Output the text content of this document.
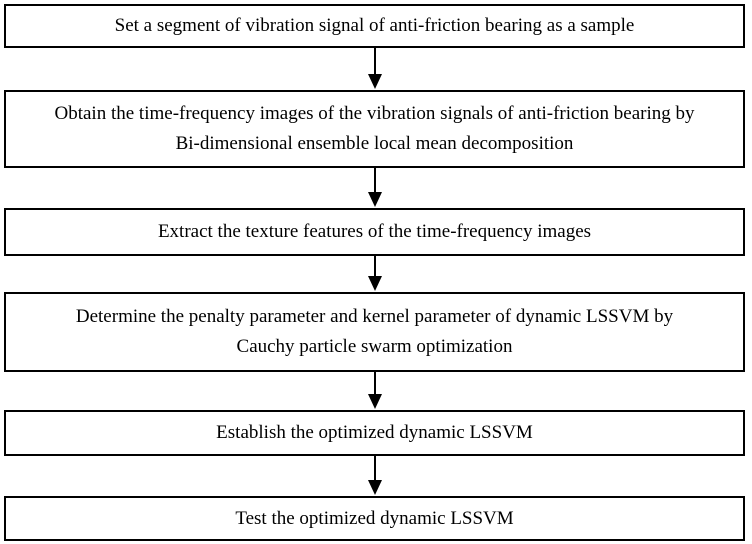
Set a segment of vibration signal of anti-friction bearing as a sample
Obtain the time-frequency images of the vibration signals of anti-friction bearing by
Bi-dimensional ensemble local mean decomposition
Extract the texture features of the time-frequency images
Determine the penalty parameter and kernel parameter of dynamic LSSVM by
Cauchy particle swarm optimization
Establish the optimized dynamic LSSVM
Test the optimized dynamic LSSVM
